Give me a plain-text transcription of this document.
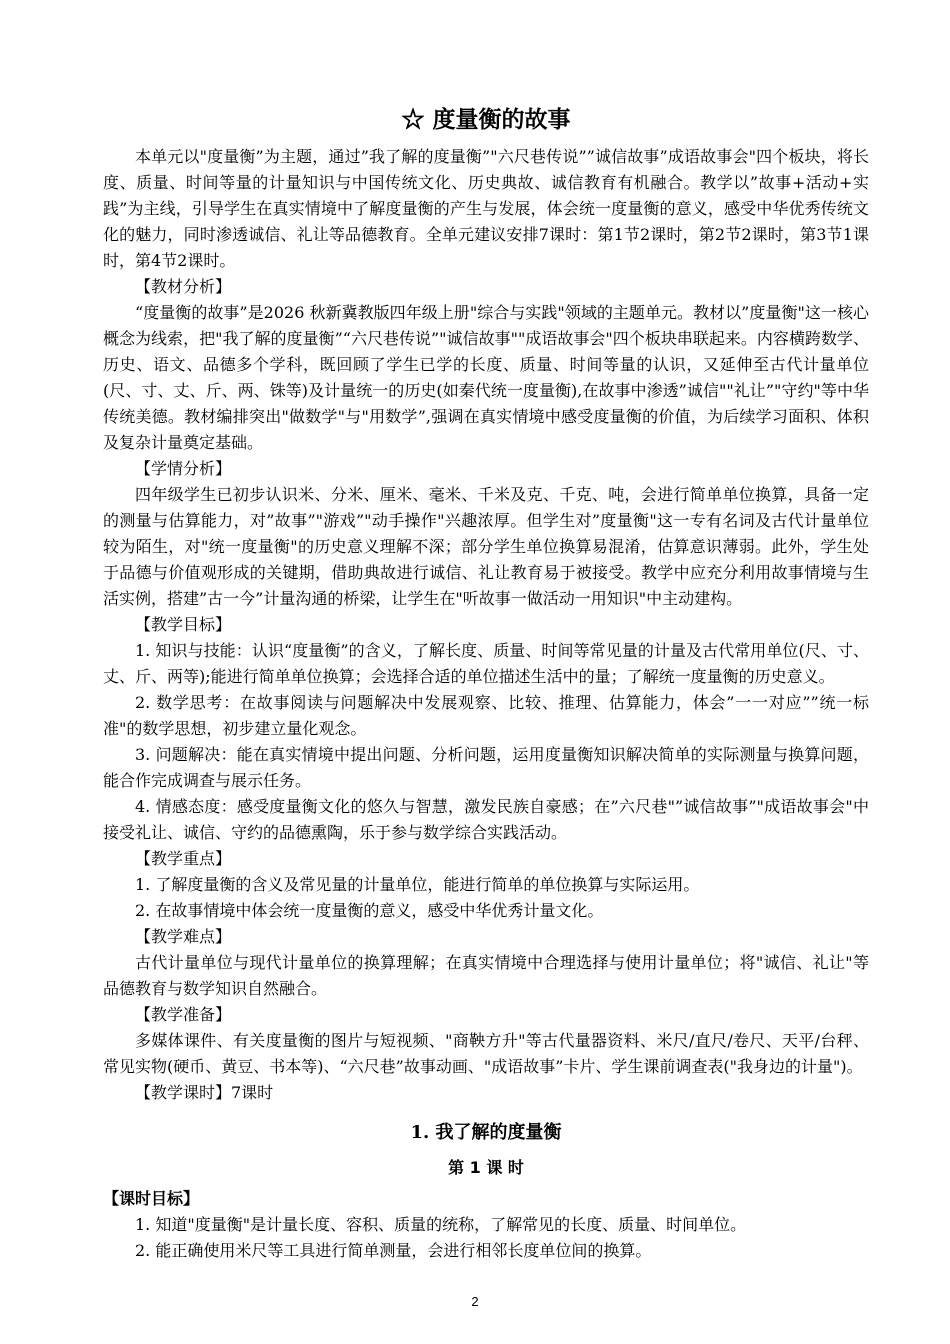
☆ 度量衡的故事

本单元以"度量衡”为主题，通过”我了解的度量衡”"六尺巷传说””诚信故事”成语故事会"四个板块，将长度、质量、时间等量的计量知识与中国传统文化、历史典故、诚信教育有机融合。教学以”故事+活动+实践”为主线，引导学生在真实情境中了解度量衡的产生与发展，体会统一度量衡的意义，感受中华优秀传统文化的魅力，同时渗透诚信、礼让等品德教育。全单元建议安排7课时：第1节2课时，第2节2课时，第3节1课时，第4节2课时。

【教材分析】

“度量衡的故事”是2026 秋新冀教版四年级上册"综合与实践"领域的主题单元。教材以”度量衡"这一核心概念为线索，把"我了解的度量衡”“六尺巷传说”"诚信故事""成语故事会"四个板块串联起来。内容横跨数学、历史、语文、品德多个学科，既回顾了学生已学的长度、质量、时间等量的认识，又延伸至古代计量单位(尺、寸、丈、斤、两、铢等)及计量统一的历史(如秦代统一度量衡),在故事中渗透”诚信""礼让”"守约"等中华传统美德。教材编排突出"做数学"与"用数学”,强调在真实情境中感受度量衡的价值，为后续学习面积、体积及复杂计量奠定基础。

【学情分析】

四年级学生已初步认识米、分米、厘米、毫米、千米及克、千克、吨，会进行简单单位换算，具备一定的测量与估算能力，对”故事”"游戏”"动手操作"兴趣浓厚。但学生对”度量衡"这一专有名词及古代计量单位较为陌生，对"统一度量衡"的历史意义理解不深；部分学生单位换算易混淆，估算意识薄弱。此外，学生处于品德与价值观形成的关键期，借助典故进行诚信、礼让教育易于被接受。教学中应充分利用故事情境与生活实例，搭建”古一今”计量沟通的桥梁，让学生在"听故事一做活动一用知识"中主动建构。

【教学目标】

1. 知识与技能：认识“度量衡”的含义，了解长度、质量、时间等常见量的计量及古代常用单位(尺、寸、丈、斤、两等);能进行简单单位换算；会选择合适的单位描述生活中的量；了解统一度量衡的历史意义。

2. 数学思考：在故事阅读与问题解决中发展观察、比较、推理、估算能力，体会”一一对应””统一标准"的数学思想，初步建立量化观念。

3. 问题解决：能在真实情境中提出问题、分析问题，运用度量衡知识解决简单的实际测量与换算问题，能合作完成调查与展示任务。

4. 情感态度：感受度量衡文化的悠久与智慧，激发民族自豪感；在”六尺巷"”诚信故事”"成语故事会"中接受礼让、诚信、守约的品德熏陶，乐于参与数学综合实践活动。

【教学重点】

1. 了解度量衡的含义及常见量的计量单位，能进行简单的单位换算与实际运用。

2. 在故事情境中体会统一度量衡的意义，感受中华优秀计量文化。

【教学难点】

古代计量单位与现代计量单位的换算理解；在真实情境中合理选择与使用计量单位；将"诚信、礼让"等品德教育与数学知识自然融合。

【教学准备】

多媒体课件、有关度量衡的图片与短视频、"商鞅方升"等古代量器资料、米尺/直尺/卷尺、天平/台秤、常见实物(硬币、黄豆、书本等)、“六尺巷”故事动画、"成语故事”卡片、学生课前调查表("我身边的计量")。

【教学课时】7课时

1. 我了解的度量衡
第 1 课 时

【课时目标】

1. 知道"度量衡"是计量长度、容积、质量的统称，了解常见的长度、质量、时间单位。

2. 能正确使用米尺等工具进行简单测量，会进行相邻长度单位间的换算。

2
